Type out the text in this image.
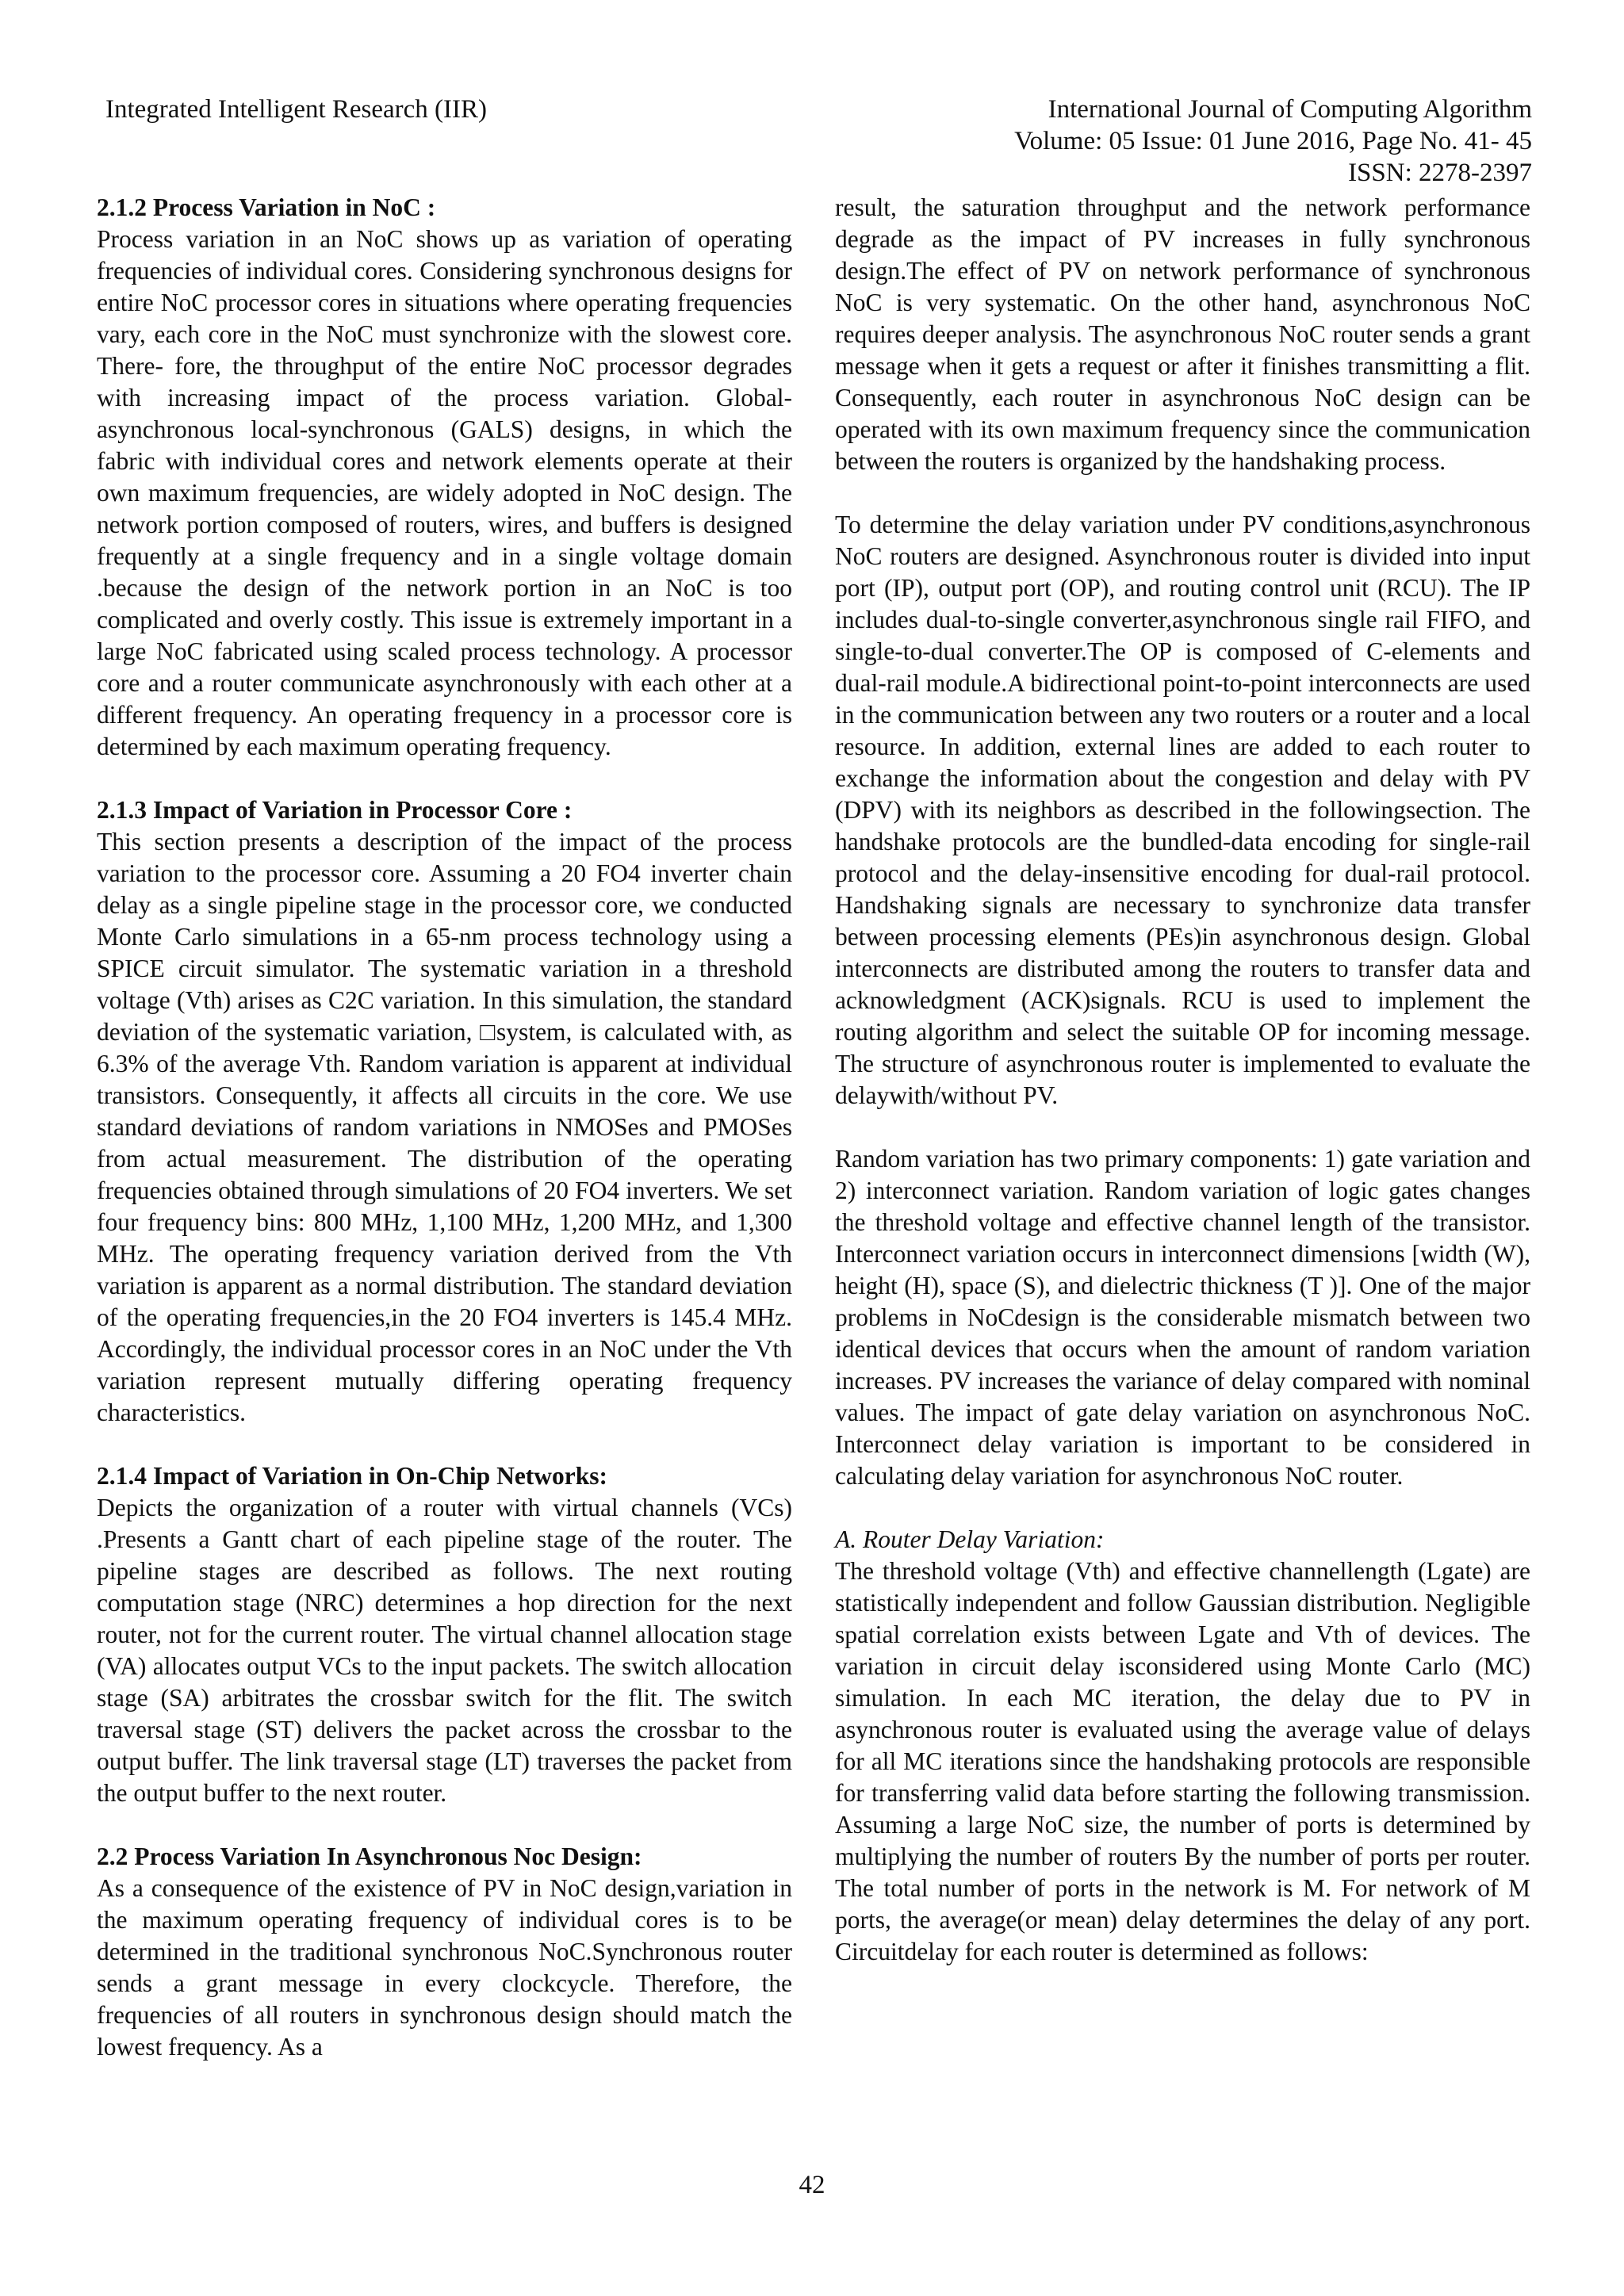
Integrated Intelligent Research (IIR)	International Journal of Computing Algorithm
Volume: 05 Issue: 01 June 2016, Page No. 41- 45
ISSN: 2278-2397

2.1.2 Process Variation in NoC :

Process variation in an NoC shows up as variation of operating frequencies of individual cores. Considering synchronous designs for entire NoC processor cores in situations where operating frequencies vary, each core in the NoC must synchronize with the slowest core. There- fore, the throughput of the entire NoC processor degrades with increasing impact of the process variation. Global- asynchronous local-synchronous (GALS) designs, in which the fabric with individual cores and network elements operate at their own maximum frequencies, are widely adopted in NoC design. The network portion composed of routers, wires, and buffers is designed frequently at a single frequency and in a single voltage domain .because the design of the network portion in an NoC is too complicated and overly costly. This issue is extremely important in a large NoC fabricated using scaled process technology. A processor core and a router communicate asynchronously with each other at a different frequency. An operating frequency in a processor core is determined by each maximum operating frequency.

2.1.3 Impact of Variation in Processor Core :

This section presents a description of the impact of the process variation to the processor core. Assuming a 20 FO4 inverter chain delay as a single pipeline stage in the processor core, we conducted Monte Carlo simulations in a 65-nm process technology using a SPICE circuit simulator. The systematic variation in a threshold voltage (Vth) arises as C2C variation. In this simulation, the standard deviation of the systematic variation, □system, is calculated with, as 6.3% of the average Vth. Random variation is apparent at individual transistors. Consequently, it affects all circuits in the core. We use standard deviations of random variations in NMOSes and PMOSes from actual measurement. The distribution of the operating frequencies obtained through simulations of 20 FO4 inverters. We set four frequency bins: 800 MHz, 1,100 MHz, 1,200 MHz, and 1,300 MHz. The operating frequency variation derived from the Vth variation is apparent as a normal distribution. The standard deviation of the operating frequencies,in the 20 FO4 inverters is 145.4 MHz. Accordingly, the individual processor cores in an NoC under the Vth variation represent mutually differing operating frequency characteristics.

2.1.4 Impact of Variation in On-Chip Networks:

Depicts the organization of a router with virtual channels (VCs) .Presents a Gantt chart of each pipeline stage of the router. The pipeline stages are described as follows. The next routing computation stage (NRC) determines a hop direction for the next router, not for the current router. The virtual channel allocation stage (VA) allocates output VCs to the input packets. The switch allocation stage (SA) arbitrates the crossbar switch for the flit. The switch traversal stage (ST) delivers the packet across the crossbar to the output buffer. The link traversal stage (LT) traverses the packet from the output buffer to the next router.

2.2 Process Variation In Asynchronous Noc Design:

As a consequence of the existence of PV in NoC design,variation in the maximum operating frequency of individual cores is to be determined in the traditional synchronous NoC.Synchronous router sends a grant message in every clockcycle. Therefore, the frequencies of all routers in synchronous design should match the lowest frequency. As a

result, the saturation throughput and the network performance degrade as the impact of PV increases in fully synchronous design.The effect of PV on network performance of synchronous NoC is very systematic. On the other hand, asynchronous NoC requires deeper analysis. The asynchronous NoC router sends a grant message when it gets a request or after it finishes transmitting a flit. Consequently, each router in asynchronous NoC design can be operated with its own maximum frequency since the communication between the routers is organized by the handshaking process.

To determine the delay variation under PV conditions,asynchronous NoC routers are designed. Asynchronous router is divided into input port (IP), output port (OP), and routing control unit (RCU). The IP includes dual-to-single converter,asynchronous single rail FIFO, and single-to-dual converter.The OP is composed of C-elements and dual-rail module.A bidirectional point-to-point interconnects are used in the communication between any two routers or a router and a local resource. In addition, external lines are added to each router to exchange the information about the congestion and delay with PV (DPV) with its neighbors as described in the followingsection. The handshake protocols are the bundled-data encoding for single-rail protocol and the delay-insensitive encoding for dual-rail protocol. Handshaking signals are necessary to synchronize data transfer between processing elements (PEs)in asynchronous design. Global interconnects are distributed among the routers to transfer data and acknowledgment (ACK)signals. RCU is used to implement the routing algorithm and select the suitable OP for incoming message. The structure of asynchronous router is implemented to evaluate the delaywith/without PV.

Random variation has two primary components: 1) gate variation and 2) interconnect variation. Random variation of logic gates changes the threshold voltage and effective channel length of the transistor. Interconnect variation occurs in interconnect dimensions [width (W), height (H), space (S), and dielectric thickness (T )]. One of the major problems in NoCdesign is the considerable mismatch between two identical devices that occurs when the amount of random variation increases. PV increases the variance of delay compared with nominal values. The impact of gate delay variation on asynchronous NoC. Interconnect delay variation is important to be considered in calculating delay variation for asynchronous NoC router.

A. Router Delay Variation:

The threshold voltage (Vth) and effective channellength (Lgate) are statistically independent and follow Gaussian distribution. Negligible spatial correlation exists between Lgate and Vth of devices. The variation in circuit delay isconsidered using Monte Carlo (MC) simulation. In each MC iteration, the delay due to PV in asynchronous router is evaluated using the average value of delays for all MC iterations since the handshaking protocols are responsible for transferring valid data before starting the following transmission. Assuming a large NoC size, the number of ports is determined by multiplying the number of routers By the number of ports per router. The total number of ports in the network is M. For network of M ports, the average(or mean) delay determines the delay of any port. Circuitdelay for each router is determined as follows:

42
